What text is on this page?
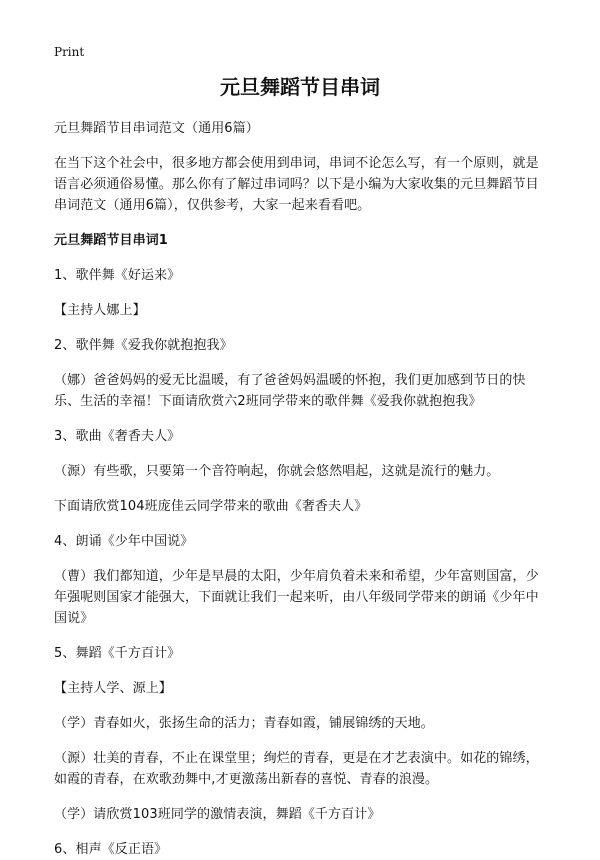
Print
元旦舞蹈节目串词

元旦舞蹈节目串词范文（通用6篇）

在当下这个社会中，很多地方都会使用到串词，串词不论怎么写，有一个原则，就是语言必须通俗易懂。那么你有了解过串词吗？以下是小编为大家收集的元旦舞蹈节目串词范文（通用6篇），仅供参考，大家一起来看看吧。

元旦舞蹈节目串词1

1、歌伴舞《好运来》

【主持人娜上】

2、歌伴舞《爱我你就抱抱我》

（娜）爸爸妈妈的爱无比温暖，有了爸爸妈妈温暖的怀抱，我们更加感到节日的快乐、生活的幸福！下面请欣赏六2班同学带来的歌伴舞《爱我你就抱抱我》

3、歌曲《奢香夫人》

（源）有些歌，只要第一个音符响起，你就会悠然唱起，这就是流行的魅力。

下面请欣赏104班庞佳云同学带来的歌曲《奢香夫人》

4、朗诵《少年中国说》

（曹）我们都知道，少年是早晨的太阳，少年肩负着未来和希望，少年富则国富，少年强呢则国家才能强大，下面就让我们一起来听，由八年级同学带来的朗诵《少年中国说》

5、舞蹈《千方百计》

【主持人学、源上】

（学）青春如火，张扬生命的活力；青春如霞，铺展锦绣的天地。

（源）壮美的青春，不止在课堂里；绚烂的青春，更是在才艺表演中。如花的锦绣，如霞的青春，在欢歌劲舞中,才更激荡出新春的喜悦、青春的浪漫。

（学）请欣赏103班同学的激情表演，舞蹈《千方百计》

6、相声《反正语》
